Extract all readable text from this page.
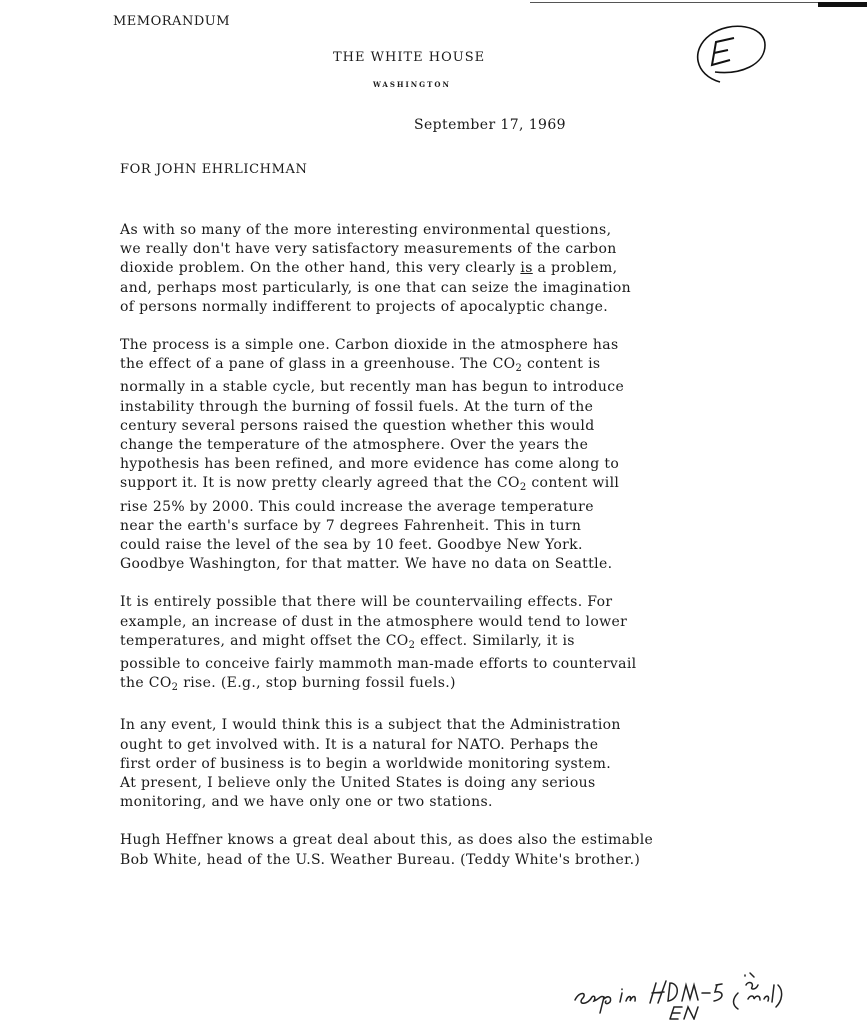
MEMORANDUM
THE WHITE HOUSE
WASHINGTON
September 17, 1969
FOR JOHN EHRLICHMAN
As with so many of the more interesting environmental questions,
we really don't have very satisfactory measurements of the carbon
dioxide problem. On the other hand, this very clearly is a problem,
and, perhaps most particularly, is one that can seize the imagination
of persons normally indifferent to projects of apocalyptic change.
The process is a simple one. Carbon dioxide in the atmosphere has
the effect of a pane of glass in a greenhouse. The $CO_2$ content is
normally in a stable cycle, but recently man has begun to introduce
instability through the burning of fossil fuels. At the turn of the
century several persons raised the question whether this would
change the temperature of the atmosphere. Over the years the
hypothesis has been refined, and more evidence has come along to
support it. It is now pretty clearly agreed that the $CO_2$ content will
rise 25% by 2000. This could increase the average temperature
near the earth's surface by 7 degrees Fahrenheit. This in turn
could raise the level of the sea by 10 feet. Goodbye New York.
Goodbye Washington, for that matter. We have no data on Seattle.
It is entirely possible that there will be countervailing effects. For
example, an increase of dust in the atmosphere would tend to lower
temperatures, and might offset the $CO_2$ effect. Similarly, it is
possible to conceive fairly mammoth man-made efforts to countervail
the $CO_2$ rise. (E.g., stop burning fossil fuels.)
In any event, I would think this is a subject that the Administration
ought to get involved with. It is a natural for NATO. Perhaps the
first order of business is to begin a worldwide monitoring system.
At present, I believe only the United States is doing any serious
monitoring, and we have only one or two stations.
Hugh Heffner knows a great deal about this, as does also the estimable
Bob White, head of the U.S. Weather Bureau. (Teddy White's brother.)
